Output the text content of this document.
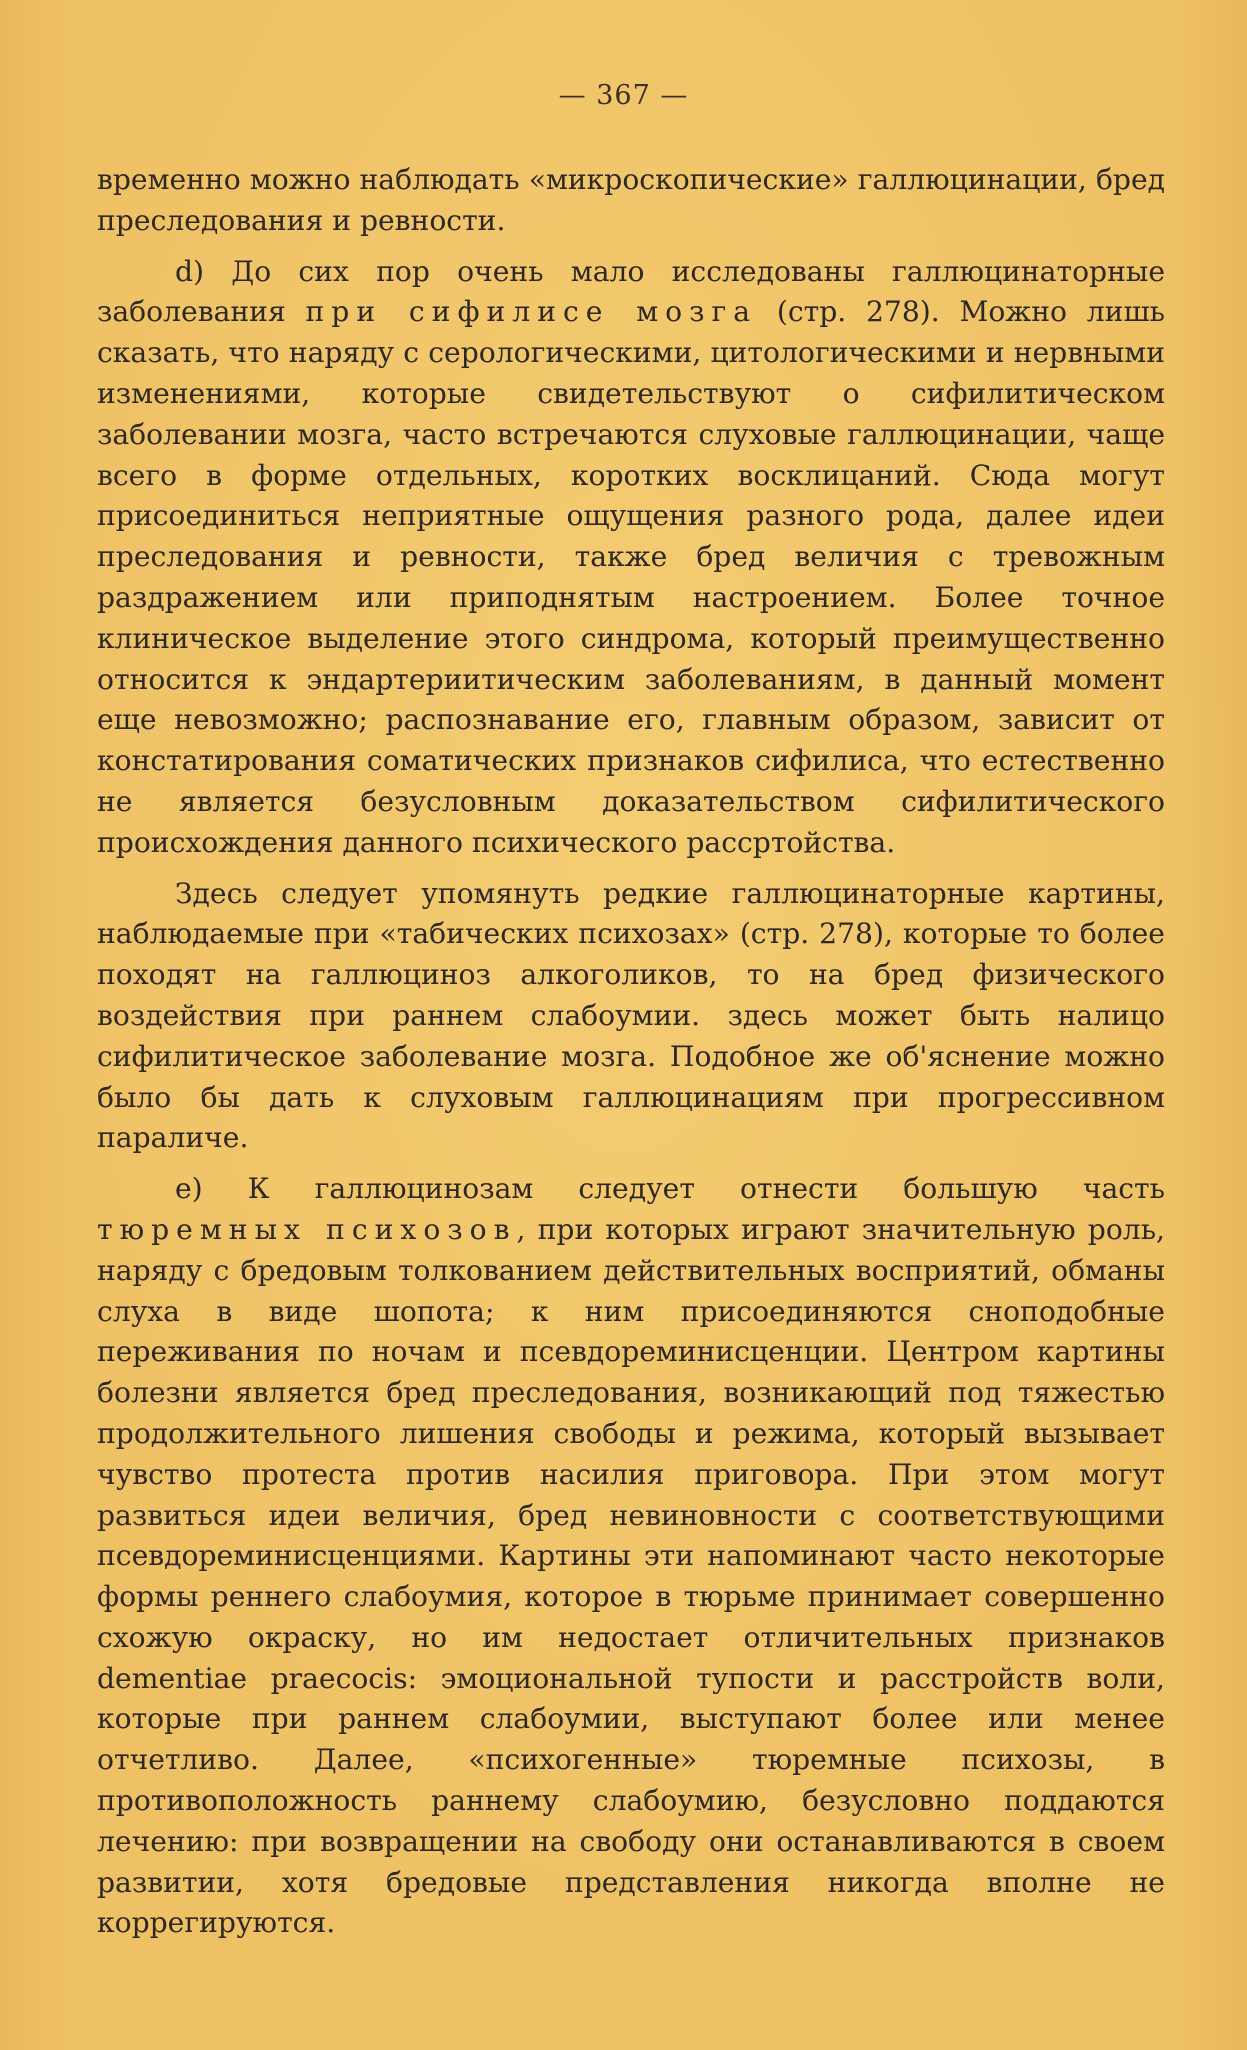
— 367 —

временно можно наблюдать «микроскопические» галлюцинации, бред преследования и ревности.

d) До сих пор очень мало исследованы галлюцинаторные заболевания при сифилисе мозга (стр. 278). Можно лишь сказать, что наряду с серологическими, цитологическими и нервными изменениями, которые свидетельствуют о сифилитическом заболевании мозга, часто встречаются слуховые галлюцинации, чаще всего в форме отдельных, коротких восклицаний. Сюда могут присоединиться неприятные ощущения разного рода, далее идеи преследования и ревности, также бред величия с тревожным раздражением или приподнятым настроением. Более точное клиническое выделение этого синдрома, который преимущественно относится к эндартериитическим заболеваниям, в данный момент еще невозможно; распознавание его, главным образом, зависит от констатирования соматических признаков сифилиса, что естественно не является безусловным доказательством сифилитического происхождения данного психического рассртойства.

Здесь следует упомянуть редкие галлюцинаторные картины, наблюдаемые при «табических психозах» (стр. 278), которые то более походят на галлюциноз алкоголиков, то на бред физического воздействия при раннем слабоумии. здесь может быть налицо сифилитическое заболевание мозга. Подобное же об'яснение можно было бы дать к слуховым галлюцинациям при прогрессивном параличе.

е) К галлюцинозам следует отнести большую часть тюремных психозов, при которых играют значительную роль, наряду с бредовым толкованием действительных восприятий, обманы слуха в виде шопота; к ним присоединяются сноподобные переживания по ночам и псевдореминисценции. Центром картины болезни является бред преследования, возникающий под тяжестью продолжительного лишения свободы и режима, который вызывает чувство протеста против насилия приговора. При этом могут развиться идеи величия, бред невиновности с соответствующими псевдореминисценциями. Картины эти напоминают часто некоторые формы реннего слабоумия, которое в тюрьме принимает совершенно схожую окраску, но им недостает отличительных признаков dementiae praecocis: эмоциональной тупости и расстройств воли, которые при раннем слабоумии, выступают более или менее отчетливо. Далее, «психогенные» тюремные психозы, в противоположность раннему слабоумию, безусловно поддаются лечению: при возвращении на свободу они останавливаются в своем развитии, хотя бредовые представления никогда вполне не коррегируются.
